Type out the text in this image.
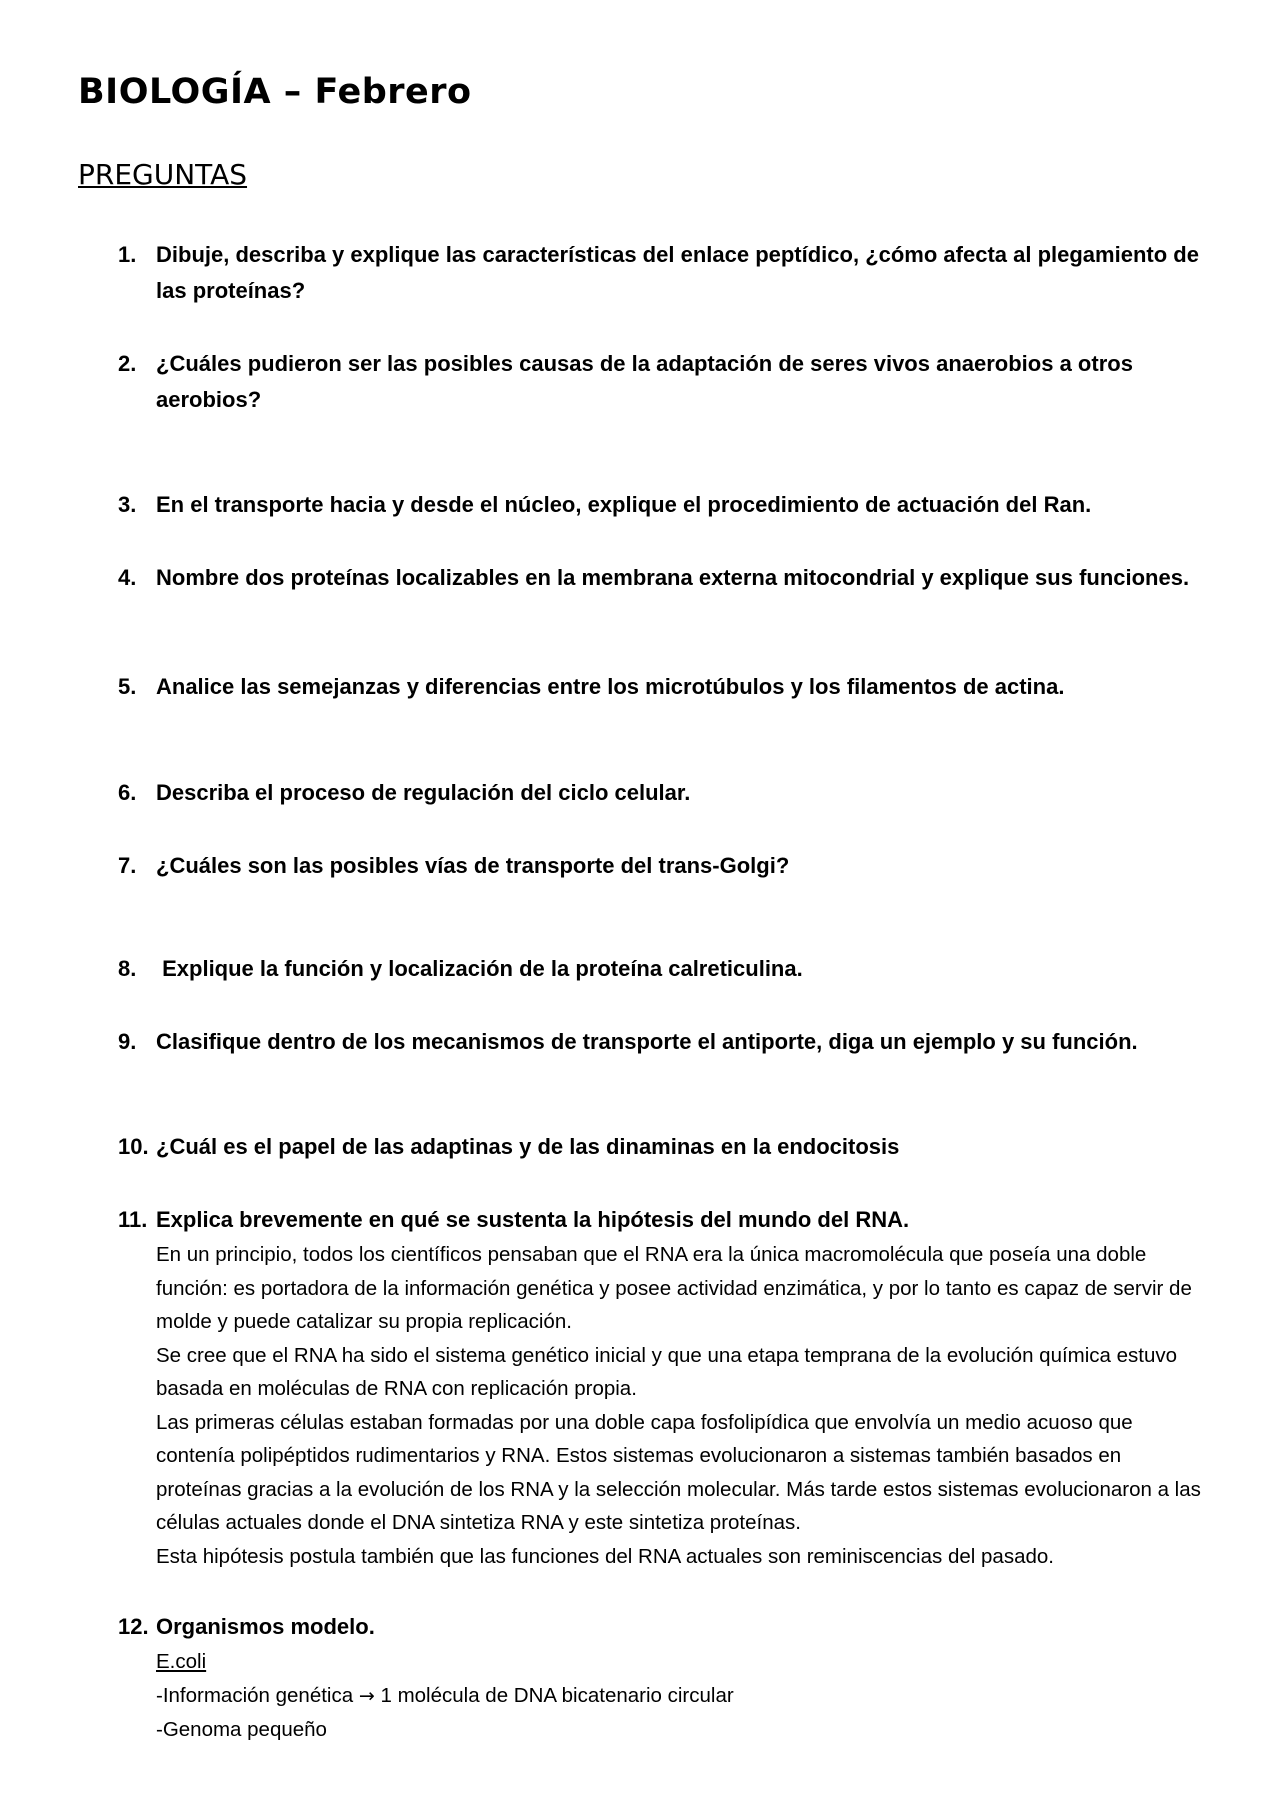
BIOLOGÍA – Febrero
PREGUNTAS
1. Dibuje, describa y explique las características del enlace peptídico, ¿cómo afecta al plegamiento de las proteínas?
2. ¿Cuáles pudieron ser las posibles causas de la adaptación de seres vivos anaerobios a otros aerobios?
3. En el transporte hacia y desde el núcleo, explique el procedimiento de actuación del Ran.
4. Nombre dos proteínas localizables en la membrana externa mitocondrial y explique sus funciones.
5. Analice las semejanzas y diferencias entre los microtúbulos y los filamentos de actina.
6. Describa el proceso de regulación del ciclo celular.
7. ¿Cuáles son las posibles vías de transporte del trans-Golgi?
8. Explique la función y localización de la proteína calreticulina.
9. Clasifique dentro de los mecanismos de transporte el antiporte, diga un ejemplo y su función.
10. ¿Cuál es el papel de las adaptinas y de las dinaminas en la endocitosis
11. Explica brevemente en qué se sustenta la hipótesis del mundo del RNA.

En un principio, todos los científicos pensaban que el RNA era la única macromolécula que poseía una doble función: es portadora de la información genética y posee actividad enzimática, y por lo tanto es capaz de servir de molde y puede catalizar su propia replicación.

Se cree que el RNA ha sido el sistema genético inicial y que una etapa temprana de la evolución química estuvo basada en moléculas de RNA con replicación propia.

Las primeras células estaban formadas por una doble capa fosfolipídica que envolvía un medio acuoso que contenía polipéptidos rudimentarios y RNA. Estos sistemas evolucionaron a sistemas también basados en proteínas gracias a la evolución de los RNA y la selección molecular. Más tarde estos sistemas evolucionaron a las células actuales donde el DNA sintetiza RNA y este sintetiza proteínas.

Esta hipótesis postula también que las funciones del RNA actuales son reminiscencias del pasado.

12. Organismos modelo.

E.coli

-Información genética → 1 molécula de DNA bicatenario circular

-Genoma pequeño
